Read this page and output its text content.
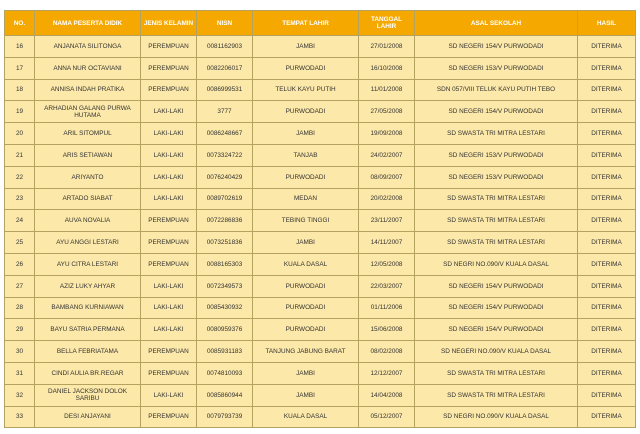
NO.	NAMA PESERTA DIDIK	JENIS KELAMIN	NISN	TEMPAT LAHIR	TANGGAL LAHIR	ASAL SEKOLAH	HASIL
16	ANJANATA SILITONGA	PEREMPUAN	0081162903	JAMBI	27/01/2008	SD NEGERI 154/V PURWODADI	DITERIMA
17	ANNA NUR OCTAVIANI	PEREMPUAN	0082206017	PURWODADI	16/10/2008	SD NEGERI 153/V PURWODADI	DITERIMA
18	ANNISA INDAH PRATIKA	PEREMPUAN	0086999531	TELUK KAYU PUTIH	11/01/2008	SDN 057/VIII TELUK KAYU PUTIH TEBO	DITERIMA
19	ARHADIAN GALANG PURWA HUTAMA	LAKI-LAKI	3777	PURWODADI	27/05/2008	SD NEGERI 154/V PURWODADI	DITERIMA
20	ARIL SITOMPUL	LAKI-LAKI	0086248667	JAMBI	19/09/2008	SD SWASTA TRI MITRA LESTARI	DITERIMA
21	ARIS SETIAWAN	LAKI-LAKI	0073324722	TANJAB	24/02/2007	SD NEGERI 153/V PURWODADI	DITERIMA
22	ARIYANTO	LAKI-LAKI	0076240429	PURWODADI	08/09/2007	SD NEGERI 153/V PURWODADI	DITERIMA
23	ARTADO SIABAT	LAKI-LAKI	0089702619	MEDAN	20/02/2008	SD SWASTA TRI MITRA LESTARI	DITERIMA
24	AUVA NOVALIA	PEREMPUAN	0072286836	TEBING TINGGI	23/11/2007	SD SWASTA TRI MITRA LESTARI	DITERIMA
25	AYU ANGGI LESTARI	PEREMPUAN	0073251836	JAMBI	14/11/2007	SD SWASTA TRI MITRA LESTARI	DITERIMA
26	AYU CITRA LESTARI	PEREMPUAN	0088165303	KUALA DASAL	12/05/2008	SD NEGRI NO.090/V KUALA DASAL	DITERIMA
27	AZIZ LUKY AHYAR	LAKI-LAKI	0072349573	PURWODADI	22/03/2007	SD NEGERI 154/V PURWODADI	DITERIMA
28	BAMBANG KURNIAWAN	LAKI-LAKI	0085430932	PURWODADI	01/11/2006	SD NEGERI 154/V PURWODADI	DITERIMA
29	BAYU SATRIA PERMANA	LAKI-LAKI	0080959376	PURWODADI	15/06/2008	SD NEGERI 154/V PURWODADI	DITERIMA
30	BELLA FEBRIATAMA	PEREMPUAN	0085931183	TANJUNG JABUNG BARAT	08/02/2008	SD NEGERI NO.090/V KUALA DASAL	DITERIMA
31	CINDI AULIA BR.REGAR	PEREMPUAN	0074810093	JAMBI	12/12/2007	SD SWASTA TRI MITRA LESTARI	DITERIMA
32	DANIEL JACKSON DOLOK SARIBU	LAKI-LAKI	0085860944	JAMBI	14/04/2008	SD SWASTA TRI MITRA LESTARI	DITERIMA
33	DESI ANJAYANI	PEREMPUAN	0079793739	KUALA DASAL	05/12/2007	SD NEGRI NO.090/V KUALA DASAL	DITERIMA
